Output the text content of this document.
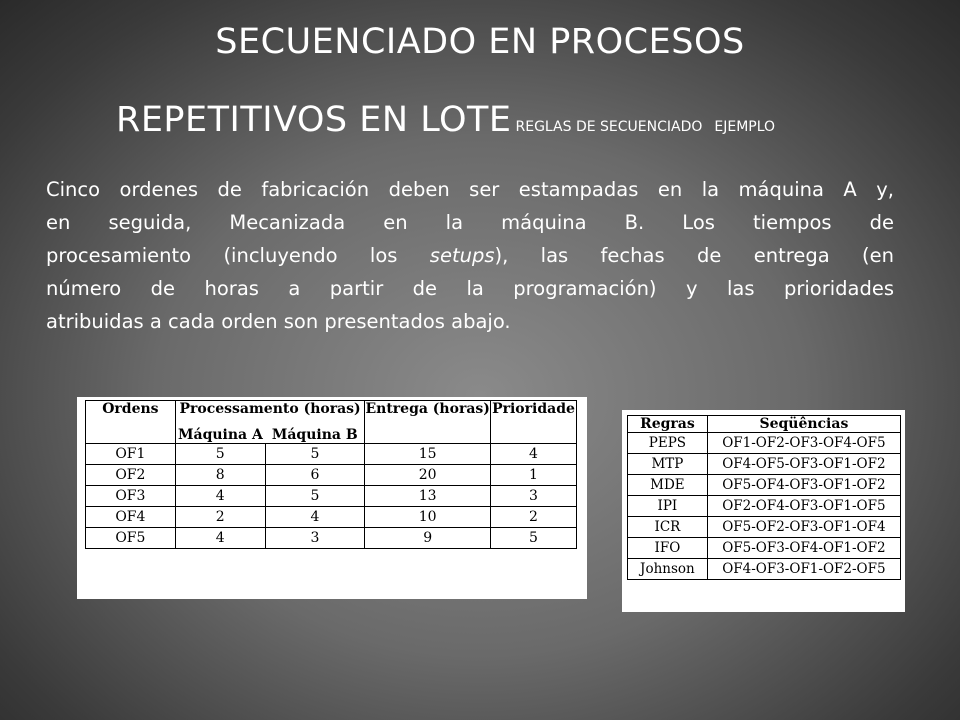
SECUENCIADO EN PROCESOS
REPETITIVOS EN LOTE REGLAS DE SECUENCIADO EJEMPLO
Cinco ordenes de fabricación deben ser estampadas en la máquina A y,
en seguida, Mecanizada en la máquina B. Los tiempos de
procesamiento (incluyendo los setups), las fechas de entrega (en
número de horas a partir de la programación) y las prioridades
atribuidas a cada orden son presentados abajo.
Ordens	Processamento (horas)		Entrega (horas)	Prioridade
	Máquina A	Máquina B		
OF1	5	5	15	4
OF2	8	6	20	1
OF3	4	5	13	3
OF4	2	4	10	2
OF5	4	3	9	5
Regras	Seqüências
PEPS	OF1-OF2-OF3-OF4-OF5
MTP	OF4-OF5-OF3-OF1-OF2
MDE	OF5-OF4-OF3-OF1-OF2
IPI	OF2-OF4-OF3-OF1-OF5
ICR	OF5-OF2-OF3-OF1-OF4
IFO	OF5-OF3-OF4-OF1-OF2
Johnson	OF4-OF3-OF1-OF2-OF5
